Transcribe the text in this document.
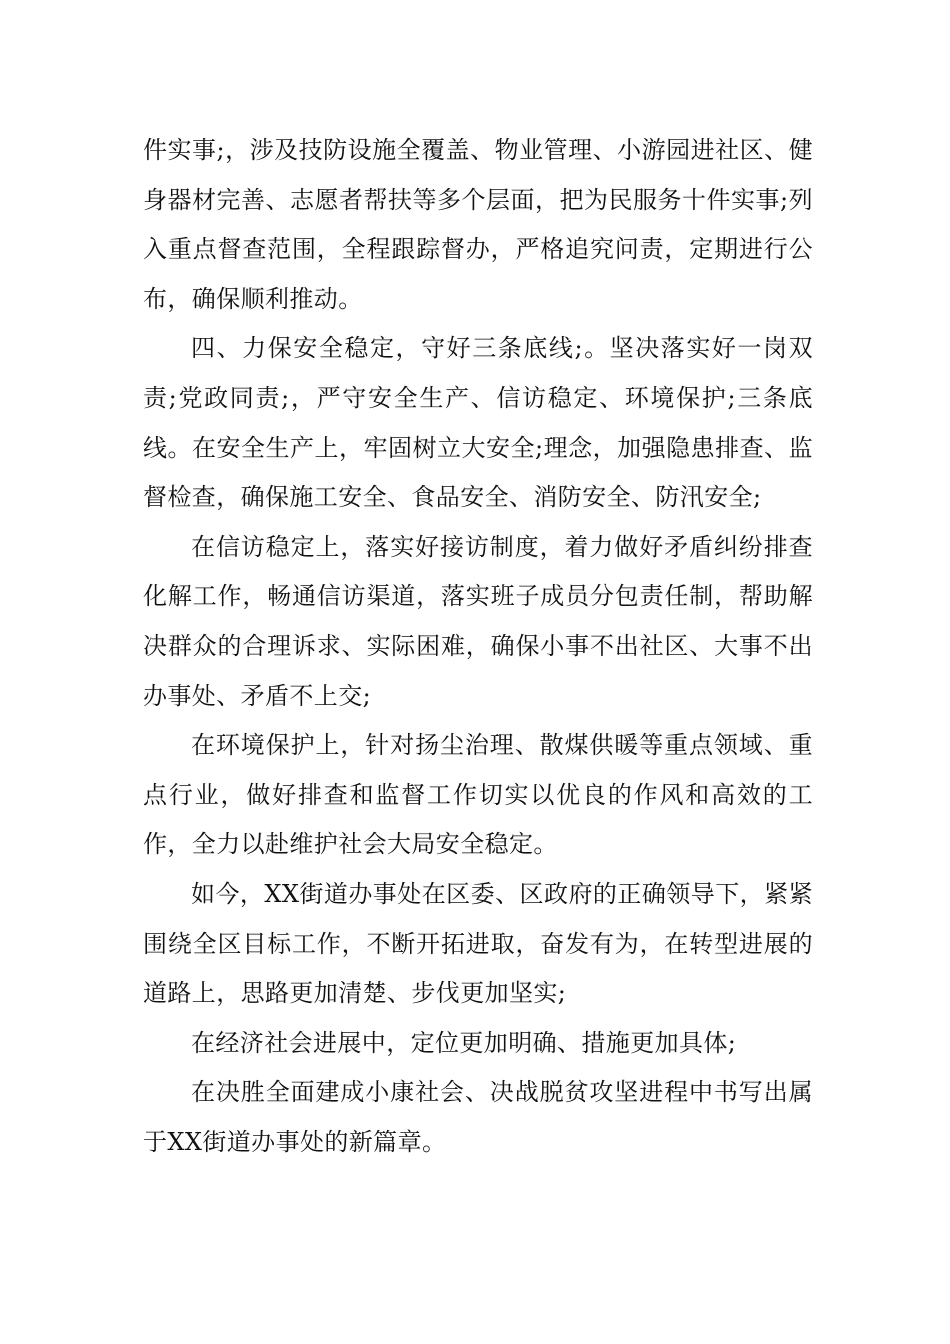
件实事;，涉及技防设施全覆盖、物业管理、小游园进社区、健身器材完善、志愿者帮扶等多个层面，把为民服务十件实事;列入重点督查范围，全程跟踪督办，严格追究问责，定期进行公布，确保顺利推动。

四、力保安全稳定，守好三条底线;。坚决落实好一岗双责;党政同责;，严守安全生产、信访稳定、环境保护;三条底线。在安全生产上，牢固树立大安全;理念，加强隐患排查、监督检查，确保施工安全、食品安全、消防安全、防汛安全;

在信访稳定上，落实好接访制度，着力做好矛盾纠纷排查化解工作，畅通信访渠道，落实班子成员分包责任制，帮助解决群众的合理诉求、实际困难，确保小事不出社区、大事不出办事处、矛盾不上交;

在环境保护上，针对扬尘治理、散煤供暖等重点领域、重点行业，做好排查和监督工作切实以优良的作风和高效的工作，全力以赴维护社会大局安全稳定。

如今，XX街道办事处在区委、区政府的正确领导下，紧紧围绕全区目标工作，不断开拓进取，奋发有为，在转型进展的道路上，思路更加清楚、步伐更加坚实;

在经济社会进展中，定位更加明确、措施更加具体;

在决胜全面建成小康社会、决战脱贫攻坚进程中书写出属于XX街道办事处的新篇章。
